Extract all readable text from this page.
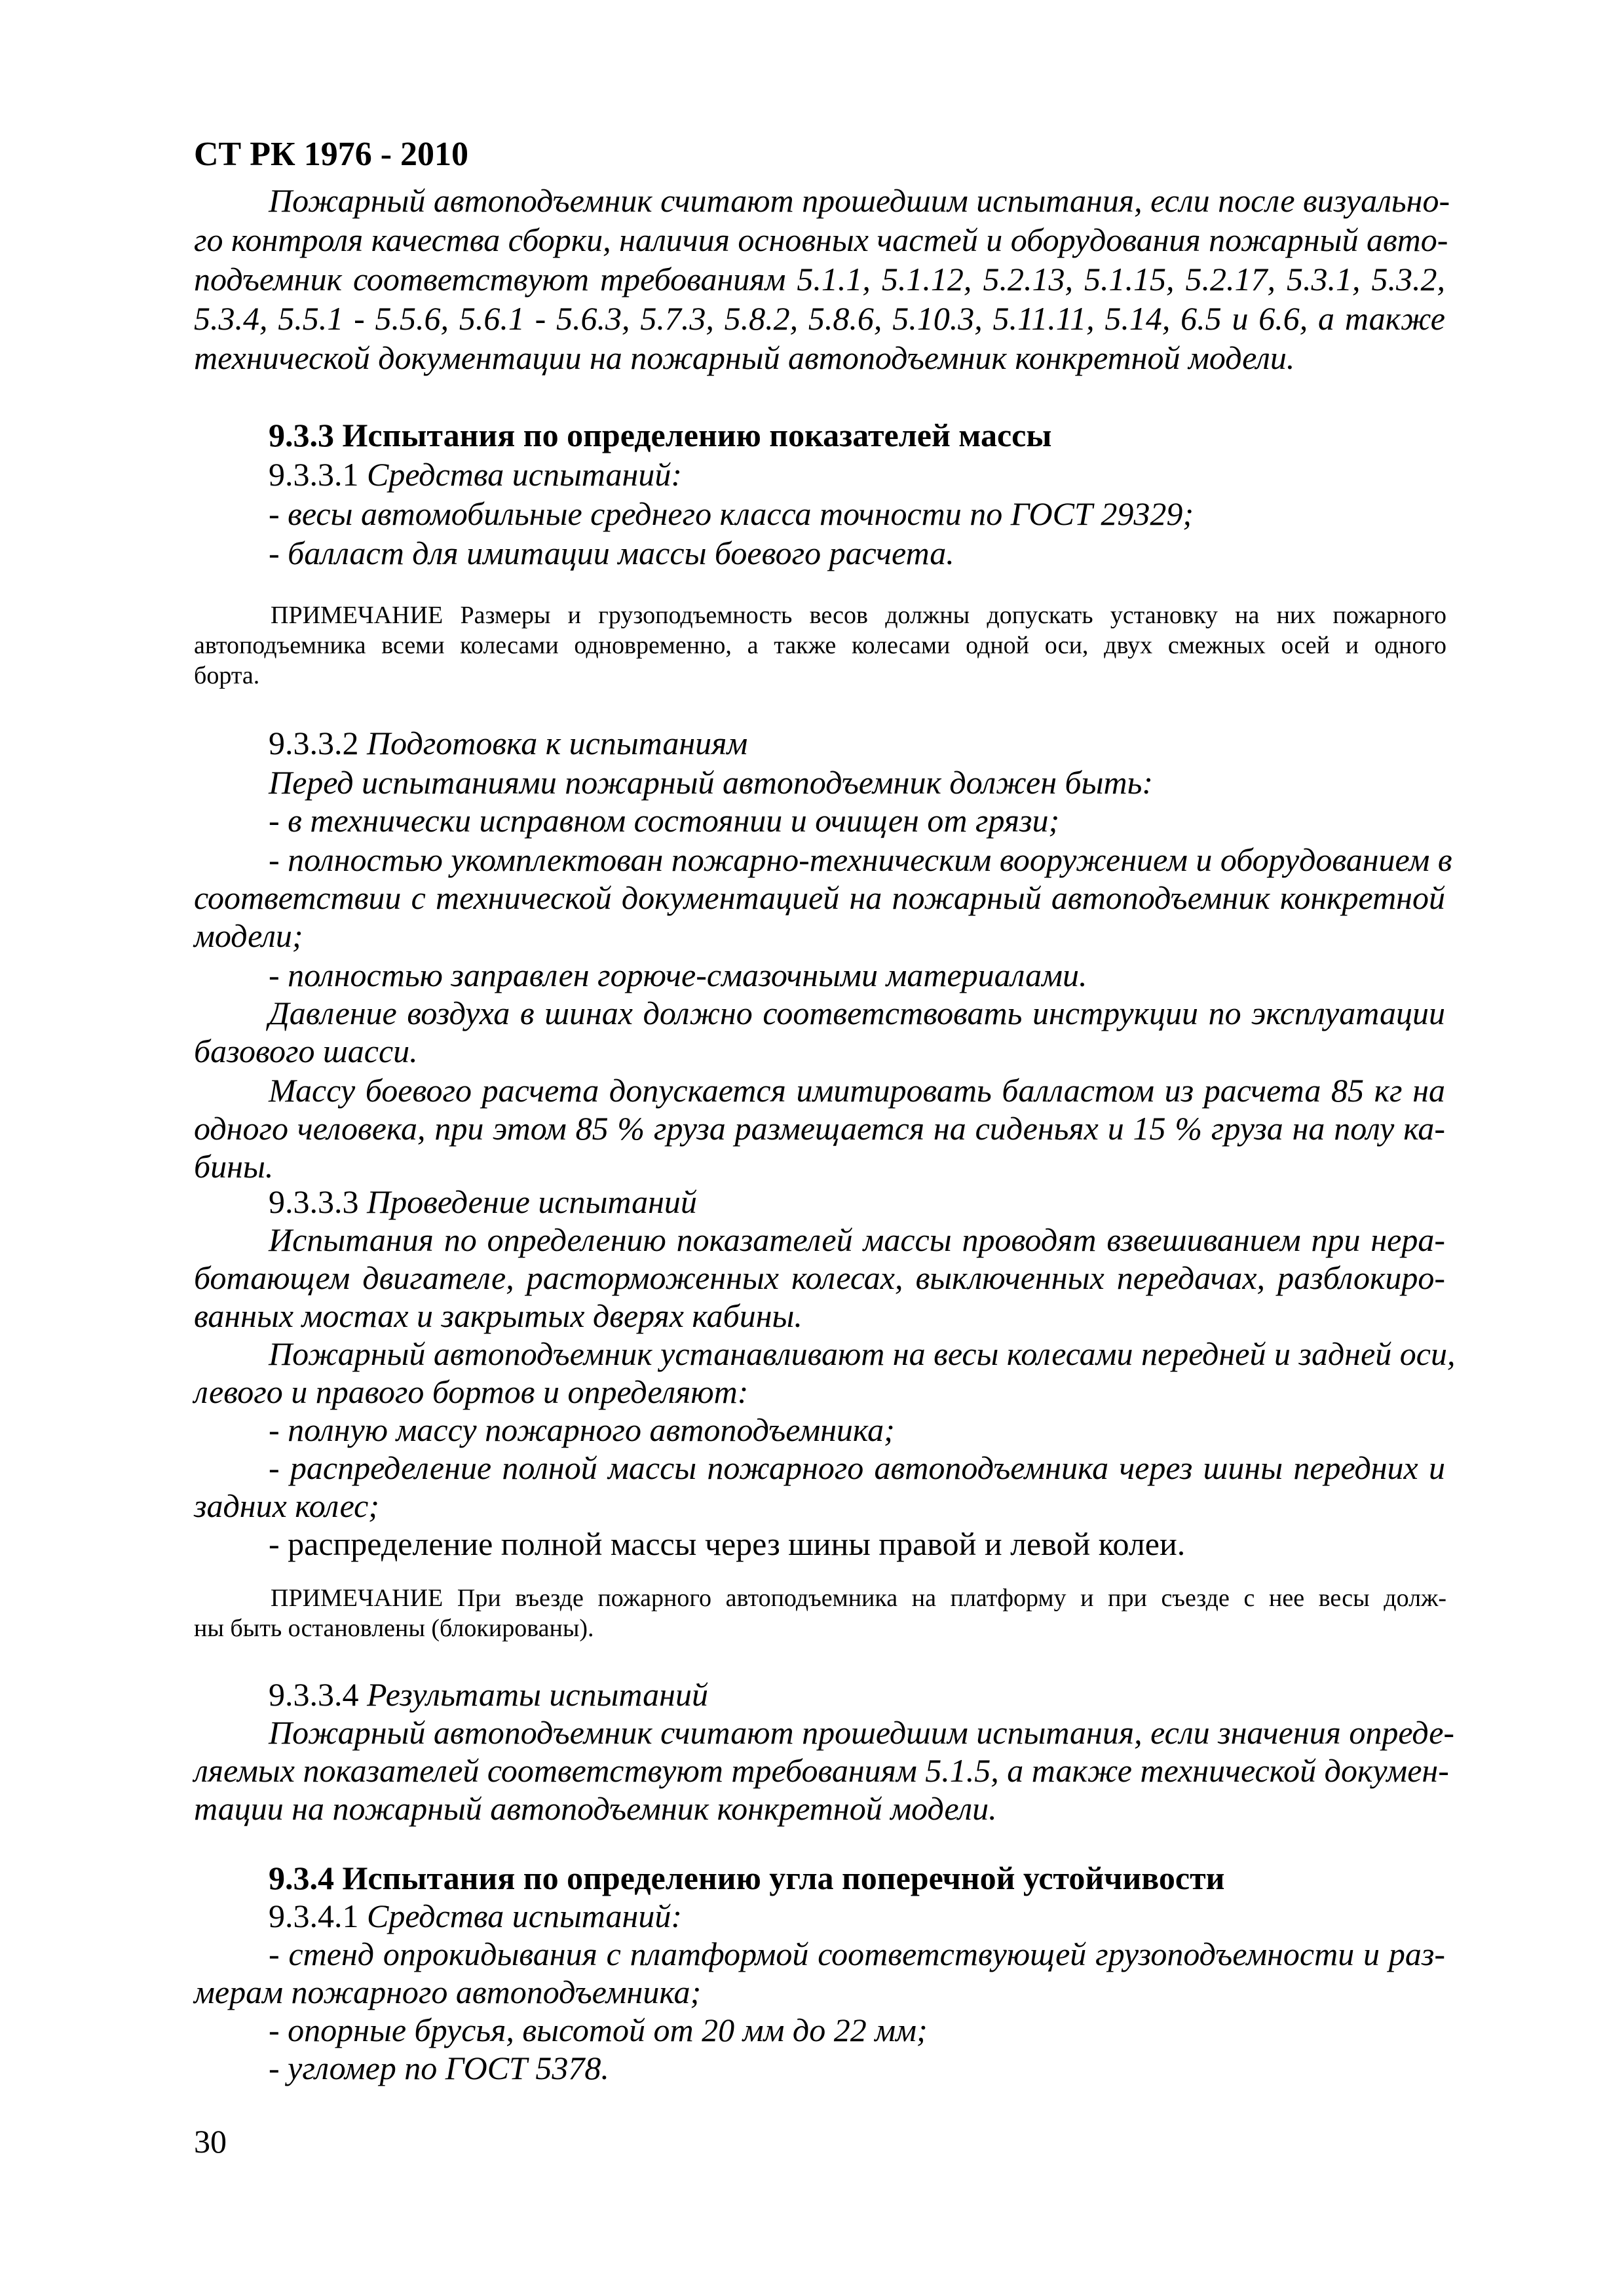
СТ РК 1976 - 2010
Пожарный автоподъемник считают прошедшим испытания, если после визуально-
го контроля качества сборки, наличия основных частей и оборудования пожарный авто-
подъемник соответствуют требованиям 5.1.1, 5.1.12, 5.2.13, 5.1.15, 5.2.17, 5.3.1, 5.3.2,
5.3.4, 5.5.1 - 5.5.6, 5.6.1 - 5.6.3, 5.7.3, 5.8.2, 5.8.6, 5.10.3, 5.11.11, 5.14, 6.5 и 6.6, а также
технической документации на пожарный автоподъемник конкретной модели.
9.3.3 Испытания по определению показателей массы
9.3.3.1 Средства испытаний:
- весы автомобильные среднего класса точности по ГОСТ 29329;
- балласт для имитации массы боевого расчета.
ПРИМЕЧАНИЕ Размеры и грузоподъемность весов должны допускать установку на них пожарного
автоподъемника всеми колесами одновременно, а также колесами одной оси, двух смежных осей и одного
борта.
9.3.3.2 Подготовка к испытаниям
Перед испытаниями пожарный автоподъемник должен быть:
- в технически исправном состоянии и очищен от грязи;
- полностью укомплектован пожарно-техническим вооружением и оборудованием в
соответствии с технической документацией на пожарный автоподъемник конкретной
модели;
- полностью заправлен горюче-смазочными материалами.
Давление воздуха в шинах должно соответствовать инструкции по эксплуатации
базового шасси.
Массу боевого расчета допускается имитировать балластом из расчета 85 кг на
одного человека, при этом 85 % груза размещается на сиденьях и 15 % груза на полу ка-
бины.
9.3.3.3 Проведение испытаний
Испытания по определению показателей массы проводят взвешиванием при нера-
ботающем двигателе, расторможенных колесах, выключенных передачах, разблокиро-
ванных мостах и закрытых дверях кабины.
Пожарный автоподъемник устанавливают на весы колесами передней и задней оси,
левого и правого бортов и определяют:
- полную массу пожарного автоподъемника;
- распределение полной массы пожарного автоподъемника через шины передних и
задних колес;
- распределение полной массы через шины правой и левой колеи.
ПРИМЕЧАНИЕ При въезде пожарного автоподъемника на платформу и при съезде с нее весы долж-
ны быть остановлены (блокированы).
9.3.3.4 Результаты испытаний
Пожарный автоподъемник считают прошедшим испытания, если значения опреде-
ляемых показателей соответствуют требованиям 5.1.5, а также технической докумен-
тации на пожарный автоподъемник конкретной модели.
9.3.4 Испытания по определению угла поперечной устойчивости
9.3.4.1 Средства испытаний:
- стенд опрокидывания с платформой соответствующей грузоподъемности и раз-
мерам пожарного автоподъемника;
- опорные брусья, высотой от 20 мм до 22 мм;
- угломер по ГОСТ 5378.
30
